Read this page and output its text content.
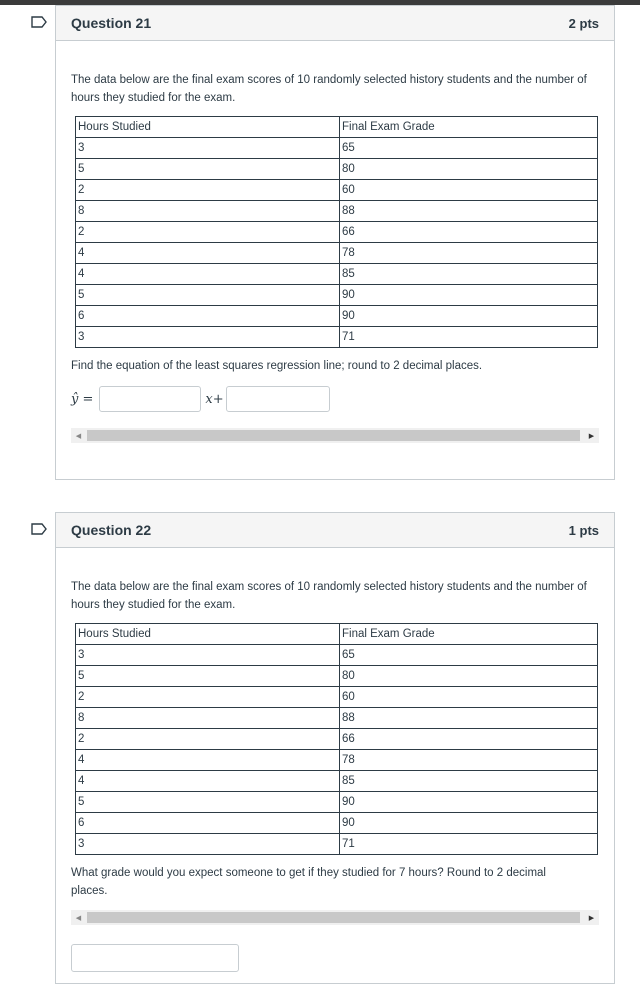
Question 21	2 pts
The data below are the final exam scores of 10 randomly selected history students and the number of hours they studied for the exam.
Hours Studied	Final Exam Grade
3	65
5	80
2	60
8	88
2	66
4	78
4	85
5	90
6	90
3	71
Find the equation of the least squares regression line; round to 2 decimal places.
ŷ =	x+
◀	▶
Question 22	1 pts
The data below are the final exam scores of 10 randomly selected history students and the number of hours they studied for the exam.
Hours Studied	Final Exam Grade
3	65
5	80
2	60
8	88
2	66
4	78
4	85
5	90
6	90
3	71
What grade would you expect someone to get if they studied for 7 hours? Round to 2 decimal places.
◀	▶
